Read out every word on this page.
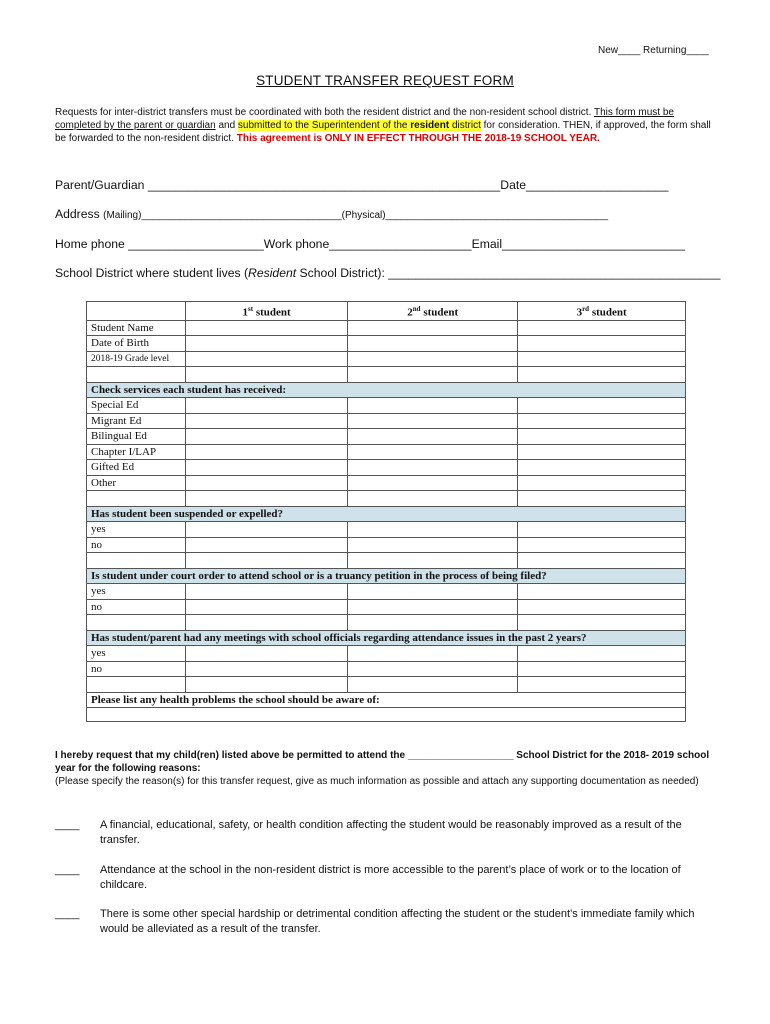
New____ Returning____
STUDENT TRANSFER REQUEST FORM
Requests for inter-district transfers must be coordinated with both the resident district and the non-resident school district. This form must be completed by the parent or guardian and submitted to the Superintendent of the resident district for consideration. THEN, if approved, the form shall be forwarded to the non-resident district. This agreement is ONLY IN EFFECT THROUGH THE 2018-19 SCHOOL YEAR.
Parent/Guardian ____________________________________________________Date_____________________
Address (Mailing)____________________________________(Physical)________________________________________
Home phone ____________________Work phone_____________________Email___________________________
School District where student lives (Resident School District): _________________________________________________
	1st student	2nd student	3rd student
Student Name			
Date of Birth			
2018-19 Grade level			

Check services each student has received:			
Special Ed			
Migrant Ed			
Bilingual Ed			
Chapter I/LAP			
Gifted Ed			
Other			

Has student been suspended or expelled?			
yes			
no			

Is student under court order to attend school or is a truancy petition in the process of being filed?			
yes			
no			

Has student/parent had any meetings with school officials regarding attendance issues in the past 2 years?			
yes			
no			

Please list any health problems the school should be aware of:			

I hereby request that my child(ren) listed above be permitted to attend the ___________________ School District for the 2018- 2019 school year for the following reasons:
(Please specify the reason(s) for this transfer request, give as much information as possible and attach any supporting documentation as needed)
____ A financial, educational, safety, or health condition affecting the student would be reasonably improved as a result of the transfer.
____ Attendance at the school in the non-resident district is more accessible to the parent’s place of work or to the location of childcare.
____ There is some other special hardship or detrimental condition affecting the student or the student’s immediate family which would be alleviated as a result of the transfer.
